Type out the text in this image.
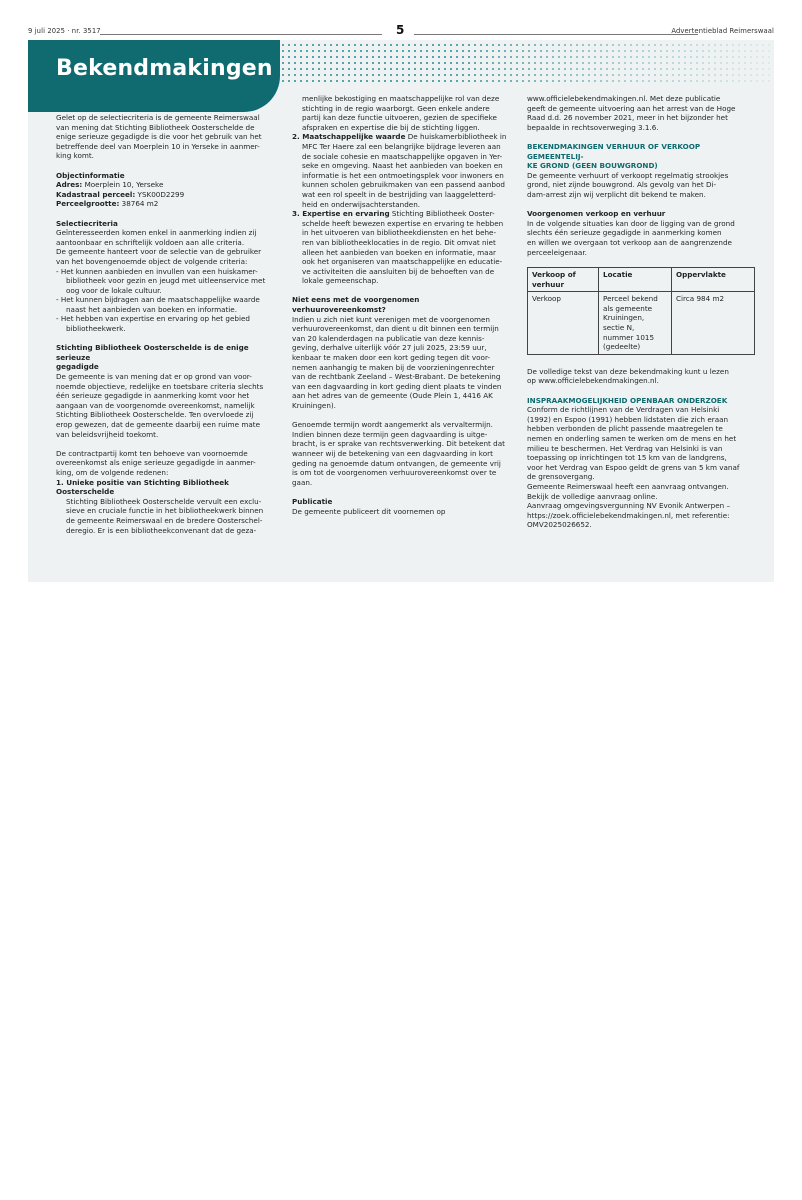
9 juli 2025 · nr. 3517	5	Advertentieblad Reimerswaal
Bekendmakingen

Gelet op de selectiecriteria is de gemeente Reimerswaal

van mening dat Stichting Bibliotheek Oosterschelde de

enige serieuze gegadigde is die voor het gebruik van het

betreffende deel van Moerplein 10 in Yerseke in aanmer-

king komt.

Objectinformatie

Adres: Moerplein 10, Yerseke

Kadastraal perceel: YSK00D2299

Perceelgrootte: 38764 m2

Selectiecriteria

Geïnteresseerden komen enkel in aanmerking indien zij

aantoonbaar en schriftelijk voldoen aan alle criteria.

De gemeente hanteert voor de selectie van de gebruiker

van het bovengenoemde object de volgende criteria:

- Het kunnen aanbieden en invullen van een huiskamer-

bibliotheek voor gezin en jeugd met uitleenservice met

oog voor de lokale cultuur.

- Het kunnen bijdragen aan de maatschappelijke waarde

naast het aanbieden van boeken en informatie.

- Het hebben van expertise en ervaring op het gebied

bibliotheekwerk.

Stichting Bibliotheek Oosterschelde is de enige serieuze

gegadigde

De gemeente is van mening dat er op grond van voor-

noemde objectieve, redelijke en toetsbare criteria slechts

één serieuze gegadigde in aanmerking komt voor het

aangaan van de voorgenomde overeenkomst, namelijk

Stichting Bibliotheek Oosterschelde. Ten overvloede zij

erop gewezen, dat de gemeente daarbij een ruime mate

van beleidsvrijheid toekomt.

De contractpartij komt ten behoeve van voornoemde

overeenkomst als enige serieuze gegadigde in aanmer-

king, om de volgende redenen:

1. Unieke positie van Stichting Bibliotheek Oosterschelde

Stichting Bibliotheek Oosterschelde vervult een exclu-

sieve en cruciale functie in het bibliotheekwerk binnen

de gemeente Reimerswaal en de bredere Oosterschel-

deregio. Er is een bibliotheekconvenant dat de geza-

menlijke bekostiging en maatschappelijke rol van deze

stichting in de regio waarborgt. Geen enkele andere

partij kan deze functie uitvoeren, gezien de specifieke

afspraken en expertise die bij de stichting liggen.

2. Maatschappelijke waarde De huiskamerbibliotheek in

MFC Ter Haere zal een belangrijke bijdrage leveren aan

de sociale cohesie en maatschappelijke opgaven in Yer-

seke en omgeving. Naast het aanbieden van boeken en

informatie is het een ontmoetingsplek voor inwoners en

kunnen scholen gebruikmaken van een passend aanbod

wat een rol speelt in de bestrijding van laaggeletterd-

heid en onderwijsachterstanden.

3. Expertise en ervaring Stichting Bibliotheek Ooster-

schelde heeft bewezen expertise en ervaring te hebben

in het uitvoeren van bibliotheekdiensten en het behe-

ren van bibliotheeklocaties in de regio. Dit omvat niet

alleen het aanbieden van boeken en informatie, maar

ook het organiseren van maatschappelijke en educatie-

ve activiteiten die aansluiten bij de behoeften van de

lokale gemeenschap.

Niet eens met de voorgenomen verhuurovereenkomst?

Indien u zich niet kunt verenigen met de voorgenomen

verhuurovereenkomst, dan dient u dit binnen een termijn

van 20 kalenderdagen na publicatie van deze kennis-

geving, derhalve uiterlijk vóór 27 juli 2025, 23:59 uur,

kenbaar te maken door een kort geding tegen dit voor-

nemen aanhangig te maken bij de voorzieningenrechter

van de rechtbank Zeeland – West-Brabant. De betekening

van een dagvaarding in kort geding dient plaats te vinden

aan het adres van de gemeente (Oude Plein 1, 4416 AK

Kruiningen).

Genoemde termijn wordt aangemerkt als vervaltermijn.

Indien binnen deze termijn geen dagvaarding is uitge-

bracht, is er sprake van rechtsverwerking. Dit betekent dat

wanneer wij de betekening van een dagvaarding in kort

geding na genoemde datum ontvangen, de gemeente vrij

is om tot de voorgenomen verhuurovereenkomst over te

gaan.

Publicatie

De gemeente publiceert dit voornemen op

www.officielebekendmakingen.nl. Met deze publicatie

geeft de gemeente uitvoering aan het arrest van de Hoge

Raad d.d. 26 november 2021, meer in het bijzonder het

bepaalde in rechtsoverweging 3.1.6.

BEKENDMAKINGEN VERHUUR OF VERKOOP GEMEENTELIJ-

KE GROND (GEEN BOUWGROND)

De gemeente verhuurt of verkoopt regelmatig strookjes

grond, niet zijnde bouwgrond. Als gevolg van het Di-

dam-arrest zijn wij verplicht dit bekend te maken.

Voorgenomen verkoop en verhuur

In de volgende situaties kan door de ligging van de grond

slechts één serieuze gegadigde in aanmerking komen

en willen we overgaan tot verkoop aan de aangrenzende

perceeleigenaar.

Verkoop of verhuur	Locatie	Oppervlakte
Verkoop	Perceel bekend als gemeente Kruiningen, sectie N, nummer 1015 (gedeelte)	Circa 984 m2

De volledige tekst van deze bekendmaking kunt u lezen

op www.officielebekendmakingen.nl.

INSPRAAKMOGELIJKHEID OPENBAAR ONDERZOEK

Conform de richtlijnen van de Verdragen van Helsinki

(1992) en Espoo (1991) hebben lidstaten die zich eraan

hebben verbonden de plicht passende maatregelen te

nemen en onderling samen te werken om de mens en het

milieu te beschermen. Het Verdrag van Helsinki is van

toepassing op inrichtingen tot 15 km van de landgrens,

voor het Verdrag van Espoo geldt de grens van 5 km vanaf

de grensovergang.

Gemeente Reimerswaal heeft een aanvraag ontvangen.

Bekijk de volledige aanvraag online.

Aanvraag omgevingsvergunning NV Evonik Antwerpen –

https://zoek.officielebekendmakingen.nl, met referentie:

OMV2025026652.
